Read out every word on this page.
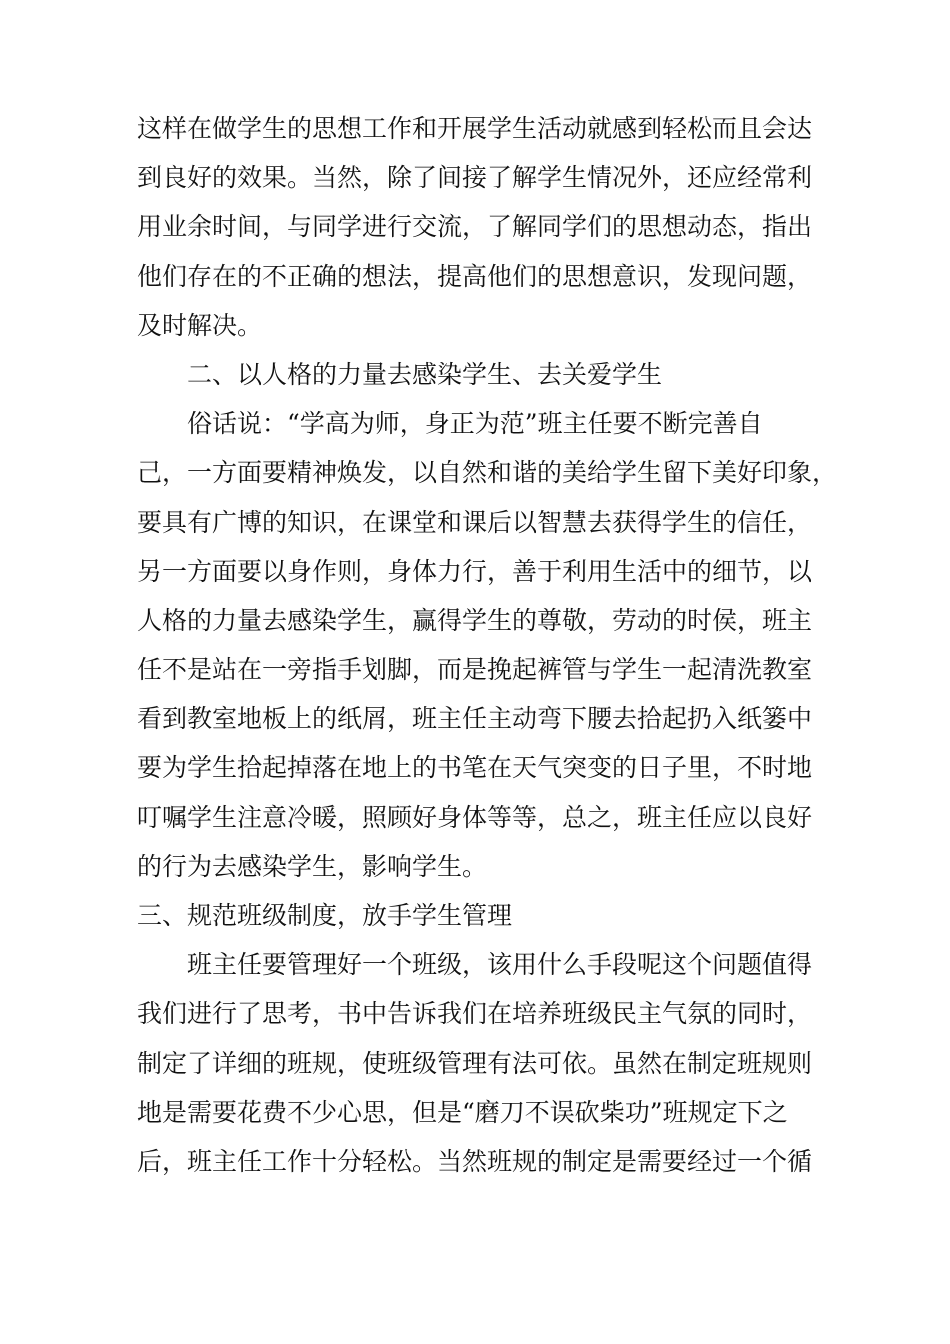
这样在做学生的思想工作和开展学生活动就感到轻松而且会达
到良好的效果。当然，除了间接了解学生情况外，还应经常利
用业余时间，与同学进行交流，了解同学们的思想动态，指出
他们存在的不正确的想法，提高他们的思想意识，发现问题，
及时解决。
二、以人格的力量去感染学生、去关爱学生
俗话说：“学高为师，身正为范”班主任要不断完善自
己，一方面要精神焕发，以自然和谐的美给学生留下美好印象，
要具有广博的知识，在课堂和课后以智慧去获得学生的信任，
另一方面要以身作则，身体力行，善于利用生活中的细节，以
人格的力量去感染学生，赢得学生的尊敬，劳动的时侯，班主
任不是站在一旁指手划脚，而是挽起裤管与学生一起清洗教室
看到教室地板上的纸屑，班主任主动弯下腰去拾起扔入纸篓中
要为学生拾起掉落在地上的书笔在天气突变的日子里，不时地
叮嘱学生注意冷暖，照顾好身体等等，总之，班主任应以良好
的行为去感染学生，影响学生。
三、规范班级制度，放手学生管理
班主任要管理好一个班级，该用什么手段呢这个问题值得
我们进行了思考，书中告诉我们在培养班级民主气氛的同时，
制定了详细的班规，使班级管理有法可依。虽然在制定班规则
地是需要花费不少心思，但是“磨刀不误砍柴功”班规定下之
后，班主任工作十分轻松。当然班规的制定是需要经过一个循
